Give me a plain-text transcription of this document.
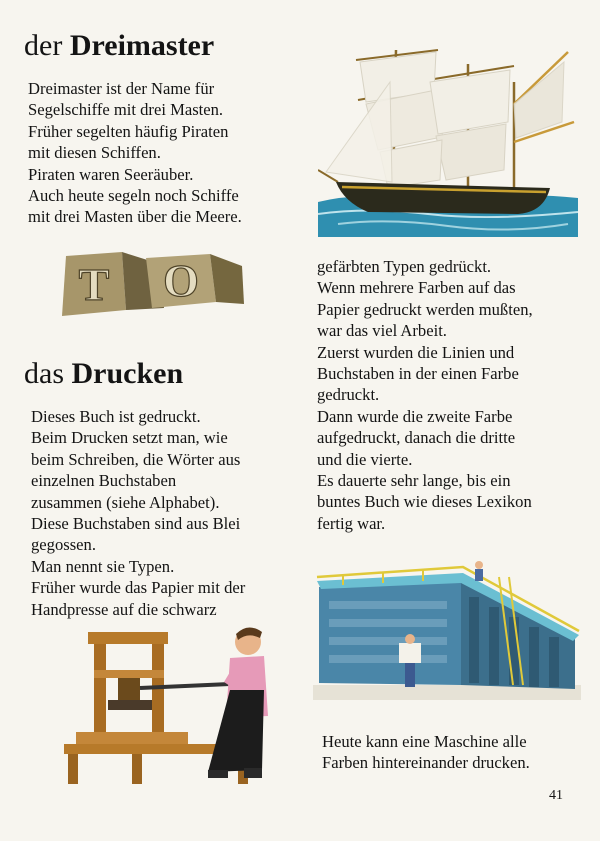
der Dreimaster
Dreimaster ist der Name für
Segelschiffe mit drei Masten.
Früher segelten häufig Piraten
mit diesen Schiffen.
Piraten waren Seeräuber.
Auch heute segeln noch Schiffe
mit drei Masten über die Meere.
T O
das Drucken
Dieses Buch ist gedruckt.
Beim Drucken setzt man, wie
beim Schreiben, die Wörter aus
einzelnen Buchstaben
zusammen (siehe Alphabet).
Diese Buchstaben sind aus Blei
gegossen.
Man nennt sie Typen.
Früher wurde das Papier mit der
Handpresse auf die schwarz
gefärbten Typen gedrückt.
Wenn mehrere Farben auf das
Papier gedruckt werden mußten,
war das viel Arbeit.
Zuerst wurden die Linien und
Buchstaben in der einen Farbe
gedruckt.
Dann wurde die zweite Farbe
aufgedruckt, danach die dritte
und die vierte.
Es dauerte sehr lange, bis ein
buntes Buch wie dieses Lexikon
fertig war.
Heute kann eine Maschine alle
Farben hintereinander drucken.
41
